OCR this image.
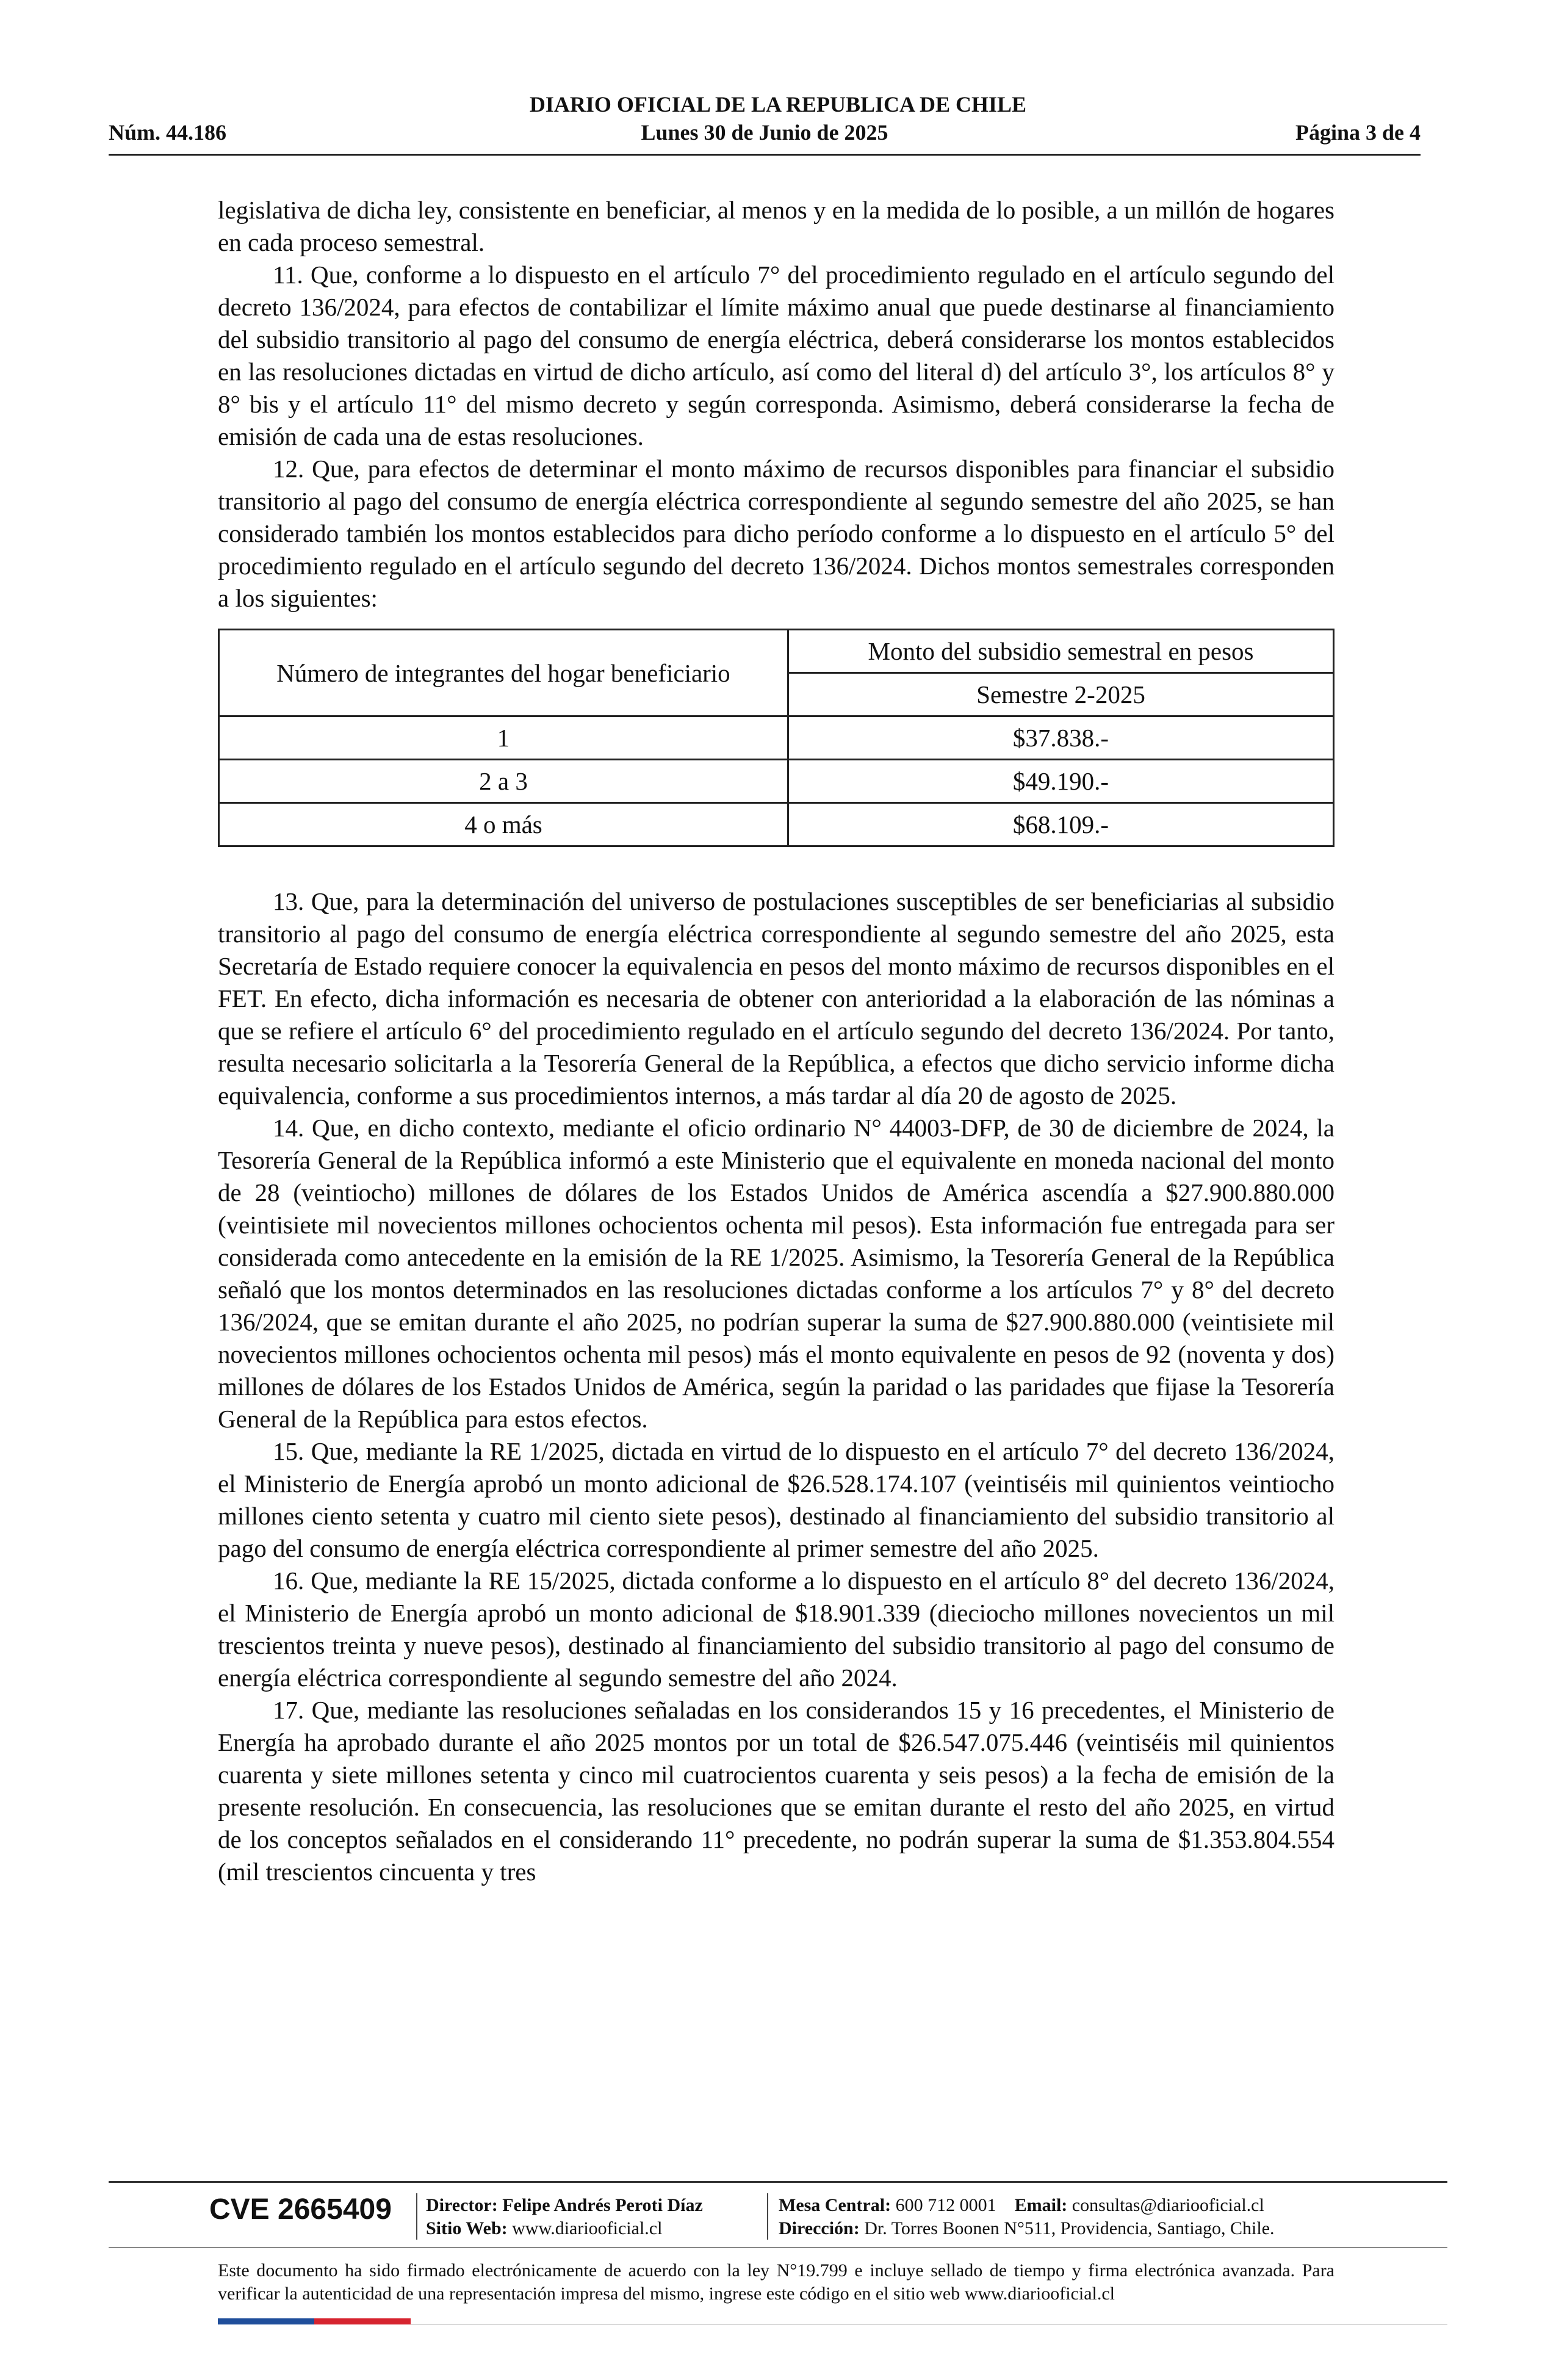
DIARIO OFICIAL DE LA REPUBLICA DE CHILE
Núm. 44.186	Lunes 30 de Junio de 2025	Página 3 de 4

legislativa de dicha ley, consistente en beneficiar, al menos y en la medida de lo posible, a un millón de hogares en cada proceso semestral.

11. Que, conforme a lo dispuesto en el artículo 7° del procedimiento regulado en el artículo segundo del decreto 136/2024, para efectos de contabilizar el límite máximo anual que puede destinarse al financiamiento del subsidio transitorio al pago del consumo de energía eléctrica, deberá considerarse los montos establecidos en las resoluciones dictadas en virtud de dicho artículo, así como del literal d) del artículo 3°, los artículos 8° y 8° bis y el artículo 11° del mismo decreto y según corresponda. Asimismo, deberá considerarse la fecha de emisión de cada una de estas resoluciones.

12. Que, para efectos de determinar el monto máximo de recursos disponibles para financiar el subsidio transitorio al pago del consumo de energía eléctrica correspondiente al segundo semestre del año 2025, se han considerado también los montos establecidos para dicho período conforme a lo dispuesto en el artículo 5° del procedimiento regulado en el artículo segundo del decreto 136/2024. Dichos montos semestrales corresponden a los siguientes:

Número de integrantes del hogar beneficiario	Monto del subsidio semestral en pesos
	Semestre 2-2025
1	$37.838.-
2 a 3	$49.190.-
4 o más	$68.109.-

13. Que, para la determinación del universo de postulaciones susceptibles de ser beneficiarias al subsidio transitorio al pago del consumo de energía eléctrica correspondiente al segundo semestre del año 2025, esta Secretaría de Estado requiere conocer la equivalencia en pesos del monto máximo de recursos disponibles en el FET. En efecto, dicha información es necesaria de obtener con anterioridad a la elaboración de las nóminas a que se refiere el artículo 6° del procedimiento regulado en el artículo segundo del decreto 136/2024. Por tanto, resulta necesario solicitarla a la Tesorería General de la República, a efectos que dicho servicio informe dicha equivalencia, conforme a sus procedimientos internos, a más tardar al día 20 de agosto de 2025.

14. Que, en dicho contexto, mediante el oficio ordinario N° 44003-DFP, de 30 de diciembre de 2024, la Tesorería General de la República informó a este Ministerio que el equivalente en moneda nacional del monto de 28 (veintiocho) millones de dólares de los Estados Unidos de América ascendía a $27.900.880.000 (veintisiete mil novecientos millones ochocientos ochenta mil pesos). Esta información fue entregada para ser considerada como antecedente en la emisión de la RE 1/2025. Asimismo, la Tesorería General de la República señaló que los montos determinados en las resoluciones dictadas conforme a los artículos 7° y 8° del decreto 136/2024, que se emitan durante el año 2025, no podrían superar la suma de $27.900.880.000 (veintisiete mil novecientos millones ochocientos ochenta mil pesos) más el monto equivalente en pesos de 92 (noventa y dos) millones de dólares de los Estados Unidos de América, según la paridad o las paridades que fijase la Tesorería General de la República para estos efectos.

15. Que, mediante la RE 1/2025, dictada en virtud de lo dispuesto en el artículo 7° del decreto 136/2024, el Ministerio de Energía aprobó un monto adicional de $26.528.174.107 (veintiséis mil quinientos veintiocho millones ciento setenta y cuatro mil ciento siete pesos), destinado al financiamiento del subsidio transitorio al pago del consumo de energía eléctrica correspondiente al primer semestre del año 2025.

16. Que, mediante la RE 15/2025, dictada conforme a lo dispuesto en el artículo 8° del decreto 136/2024, el Ministerio de Energía aprobó un monto adicional de $18.901.339 (dieciocho millones novecientos un mil trescientos treinta y nueve pesos), destinado al financiamiento del subsidio transitorio al pago del consumo de energía eléctrica correspondiente al segundo semestre del año 2024.

17. Que, mediante las resoluciones señaladas en los considerandos 15 y 16 precedentes, el Ministerio de Energía ha aprobado durante el año 2025 montos por un total de $26.547.075.446 (veintiséis mil quinientos cuarenta y siete millones setenta y cinco mil cuatrocientos cuarenta y seis pesos) a la fecha de emisión de la presente resolución. En consecuencia, las resoluciones que se emitan durante el resto del año 2025, en virtud de los conceptos señalados en el considerando 11° precedente, no podrán superar la suma de $1.353.804.554 (mil trescientos cincuenta y tres

CVE 2665409 Director: Felipe Andrés Peroti Díaz
Sitio Web: www.diariooficial.cl
Mesa Central: 600 712 0001 Email: consultas@diariooficial.cl
Dirección: Dr. Torres Boonen N°511, Providencia, Santiago, Chile.
Este documento ha sido firmado electrónicamente de acuerdo con la ley N°19.799 e incluye sellado de tiempo y firma electrónica avanzada. Para verificar la autenticidad de una representación impresa del mismo, ingrese este código en el sitio web www.diariooficial.cl
